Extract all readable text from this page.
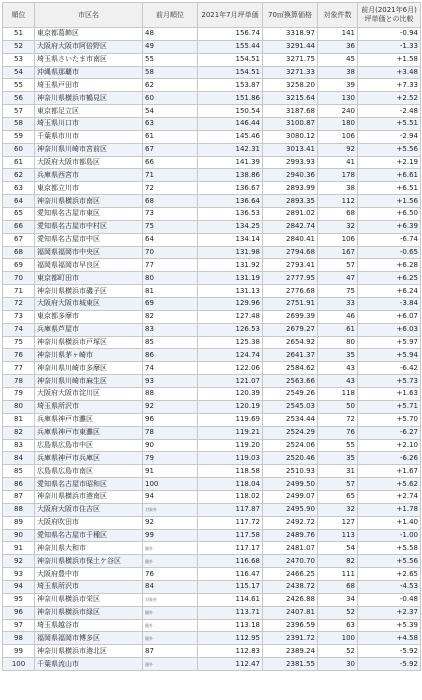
順位	市区名	前月順位	2021年7月坪単価	70㎡換算価格	対象件数	前月(2021年6月)
坪単価との比較
51	東京都葛飾区	48	156.74	3318.97	141	-0.94
52	大阪府大阪市阿倍野区	49	155.44	3291.44	36	-1.33
53	埼玉県さいたま市南区	55	154.51	3271.75	45	+1.58
54	沖縄県那覇市	58	154.51	3271.33	38	+3.48
55	埼玉県戸田市	62	153.87	3258.20	39	+7.33
56	神奈川県横浜市鶴見区	60	151.86	3215.64	130	+2.52
57	東京都足立区	54	150.54	3187.68	240	-2.48
58	埼玉県川口市	63	146.44	3100.87	180	+5.51
59	千葉県市川市	61	145.46	3080.12	106	-2.94
60	神奈川県川崎市宮前区	67	142.31	3013.41	92	+5.56
61	大阪府大阪市都島区	66	141.39	2993.93	41	+2.19
62	兵庫県西宮市	71	138.86	2940.36	178	+6.61
63	東京都立川市	72	136.67	2893.99	38	+6.51
64	神奈川県横浜市南区	68	136.64	2893.35	112	+1.56
65	愛知県名古屋市東区	73	136.53	2891.02	68	+6.50
66	愛知県名古屋市中村区	75	134.25	2842.74	32	+6.39
67	愛知県名古屋市中区	64	134.14	2840.41	106	-6.74
68	福岡県福岡市中央区	70	131.98	2794.68	167	-0.65
69	福岡県福岡市早良区	77	131.92	2793.41	57	+6.28
70	東京都町田市	80	131.19	2777.95	47	+6.25
71	神奈川県横浜市磯子区	81	131.13	2776.68	75	+6.24
72	大阪府大阪市城東区	69	129.96	2751.91	33	-3.84
73	東京都多摩市	82	127.48	2699.39	46	+6.07
74	兵庫県芦屋市	83	126.53	2679.27	61	+6.03
75	神奈川県横浜市戸塚区	85	125.38	2654.92	80	+5.97
76	神奈川県茅ヶ崎市	86	124.74	2641.37	35	+5.94
77	神奈川県川崎市多摩区	74	122.06	2584.62	43	-6.42
78	神奈川県川崎市麻生区	93	121.07	2563.66	43	+5.73
79	大阪府大阪市淀川区	88	120.39	2549.26	118	+1.63
80	埼玉県所沢市	92	120.19	2545.03	50	+5.71
81	兵庫県神戸市灘区	96	119.69	2534.44	72	+5.70
82	兵庫県神戸市東灘区	78	119.21	2524.29	76	-6.27
83	広島県広島市中区	90	119.20	2524.06	55	+2.10
84	兵庫県神戸市兵庫区	79	119.03	2520.46	35	-6.26
85	広島県広島市南区	91	118.58	2510.93	31	+1.67
86	愛知県名古屋市昭和区	100	118.04	2499.50	57	+5.62
87	神奈川県横浜市港南区	94	118.02	2499.07	65	+2.74
88	大阪府大阪市住吉区	対象外	117.87	2495.90	32	+1.78
89	大阪府吹田市	92	117.72	2492.72	127	+1.40
90	愛知県名古屋市千種区	99	117.58	2489.76	113	-1.00
91	神奈川県大和市	圏外	117.17	2481.07	54	+5.58
92	神奈川県横浜市保土ケ谷区	圏外	116.68	2470.70	82	+5.56
93	大阪府豊中市	76	116.47	2466.25	111	+2.65
94	埼玉県所沢市	84	115.17	2438.72	68	-4.53
95	神奈川県横浜市栄区	対象外	114.61	2426.88	34	-0.48
96	神奈川県横浜市緑区	圏外	113.71	2407.81	52	+2.37
97	埼玉県越谷市	圏外	113.18	2396.59	63	+5.39
98	福岡県福岡市博多区	圏外	112.95	2391.72	100	+4.58
99	神奈川県横浜市港北区	87	112.83	2389.24	52	-5.92
100	千葉県流山市	圏外	112.47	2381.55	30	-5.92
